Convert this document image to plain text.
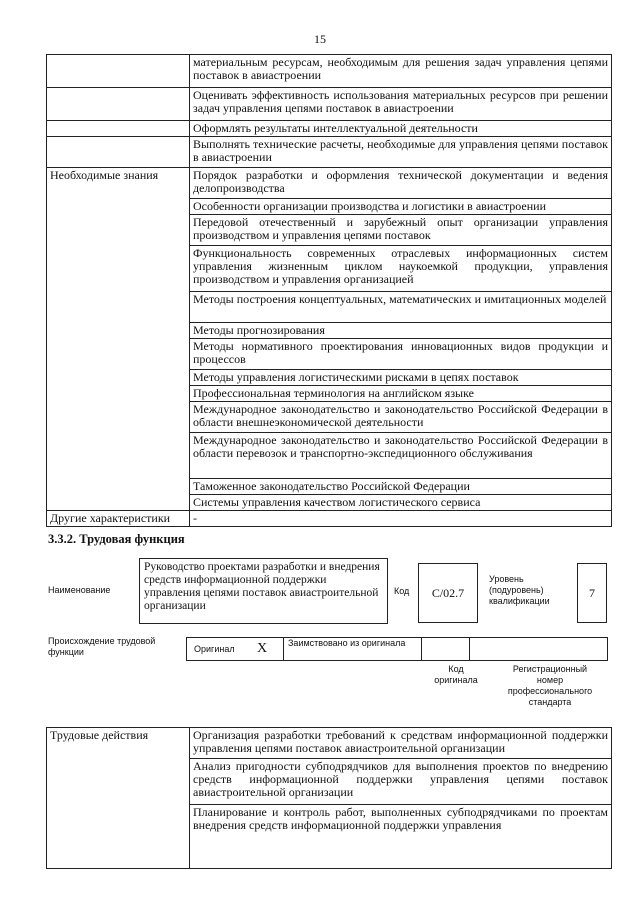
15
	материальным ресурсам, необходимым для решения задач управления цепями поставок в авиастроении
	Оценивать эффективность использования материальных ресурсов при решении задач управления цепями поставок в авиастроении
	Оформлять результаты интеллектуальной деятельности
	Выполнять технические расчеты, необходимые для управления цепями поставок в авиастроении
Необходимые знания	Порядок разработки и оформления технической документации и ведения делопроизводства
	Особенности организации производства и логистики в авиастроении
	Передовой отечественный и зарубежный опыт организации управления производством и управления цепями поставок
	Функциональность современных отраслевых информационных систем управления жизненным циклом наукоемкой продукции, управления производством и управления организацией
	Методы построения концептуальных, математических и имитационных моделей
	Методы прогнозирования
	Методы нормативного проектирования инновационных видов продукции и процессов
	Методы управления логистическими рисками в цепях поставок
	Профессиональная терминология на английском языке
	Международное законодательство и законодательство Российской Федерации в области внешнеэкономической деятельности
	Международное законодательство и законодательство Российской Федерации в области перевозок и транспортно-экспедиционного обслуживания
	Таможенное законодательство Российской Федерации
	Системы управления качеством логистического сервиса
Другие характеристики	-
3.3.2. Трудовая функция
Наименование
Руководство проектами разработки и внедрения средств информационной поддержки управления цепями поставок авиастроительной организации
Код	C/02.7
Уровень (подуровень) квалификации
7
Происхождение трудовой функции	Оригинал X Заимствовано из оригинала
Код оригинала
Регистрационный номер профессионального стандарта
Трудовые действия	Организация разработки требований к средствам информационной поддержки управления цепями поставок авиастроительной организации
Анализ пригодности субподрядчиков для выполнения проектов по внедрению средств информационной поддержки управления цепями поставок авиастроительной организации
Планирование и контроль работ, выполненных субподрядчиками по проектам внедрения средств информационной поддержки управления
